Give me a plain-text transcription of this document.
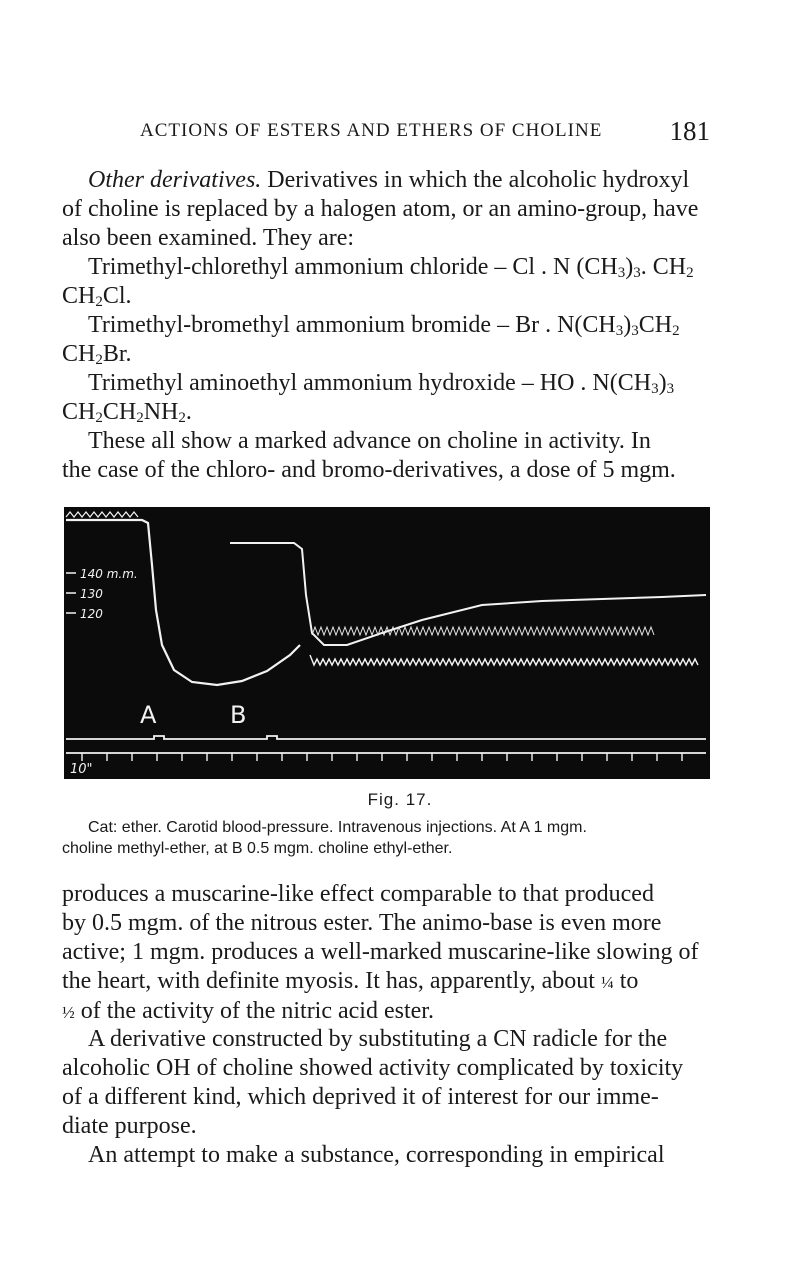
ACTIONS OF ESTERS AND ETHERS OF CHOLINE 181
Other derivatives. Derivatives in which the alcoholic hydroxyl
of choline is replaced by a halogen atom, or an amino-group, have
also been examined. They are:
Trimethyl-chlorethyl ammonium chloride – Cl . N $(CH_3)_3$. $CH_2$
$CH_2Cl$.
Trimethyl-bromethyl ammonium bromide – Br . $N(CH_3)_3CH_2$
$CH_2Br$.
Trimethyl aminoethyl ammonium hydroxide – HO . $N(CH_3)_3$
$CH_2CH_2NH_2$.
These all show a marked advance on choline in activity. In
the case of the chloro- and bromo-derivatives, a dose of 5 mgm.
140 m.m.
130
120
A	B
10"
Fig. 17.
Cat: ether. Carotid blood-pressure. Intravenous injections. At A 1 mgm.
choline methyl-ether, at B 0.5 mgm. choline ethyl-ether.
produces a muscarine-like effect comparable to that produced
by 0.5 mgm. of the nitrous ester. The animo-base is even more
active; 1 mgm. produces a well-marked muscarine-like slowing of
the heart, with definite myosis. It has, apparently, about ¼ to
½ of the activity of the nitric acid ester.
A derivative constructed by substituting a CN radicle for the
alcoholic OH of choline showed activity complicated by toxicity
of a different kind, which deprived it of interest for our imme-
diate purpose.
An attempt to make a substance, corresponding in empirical
